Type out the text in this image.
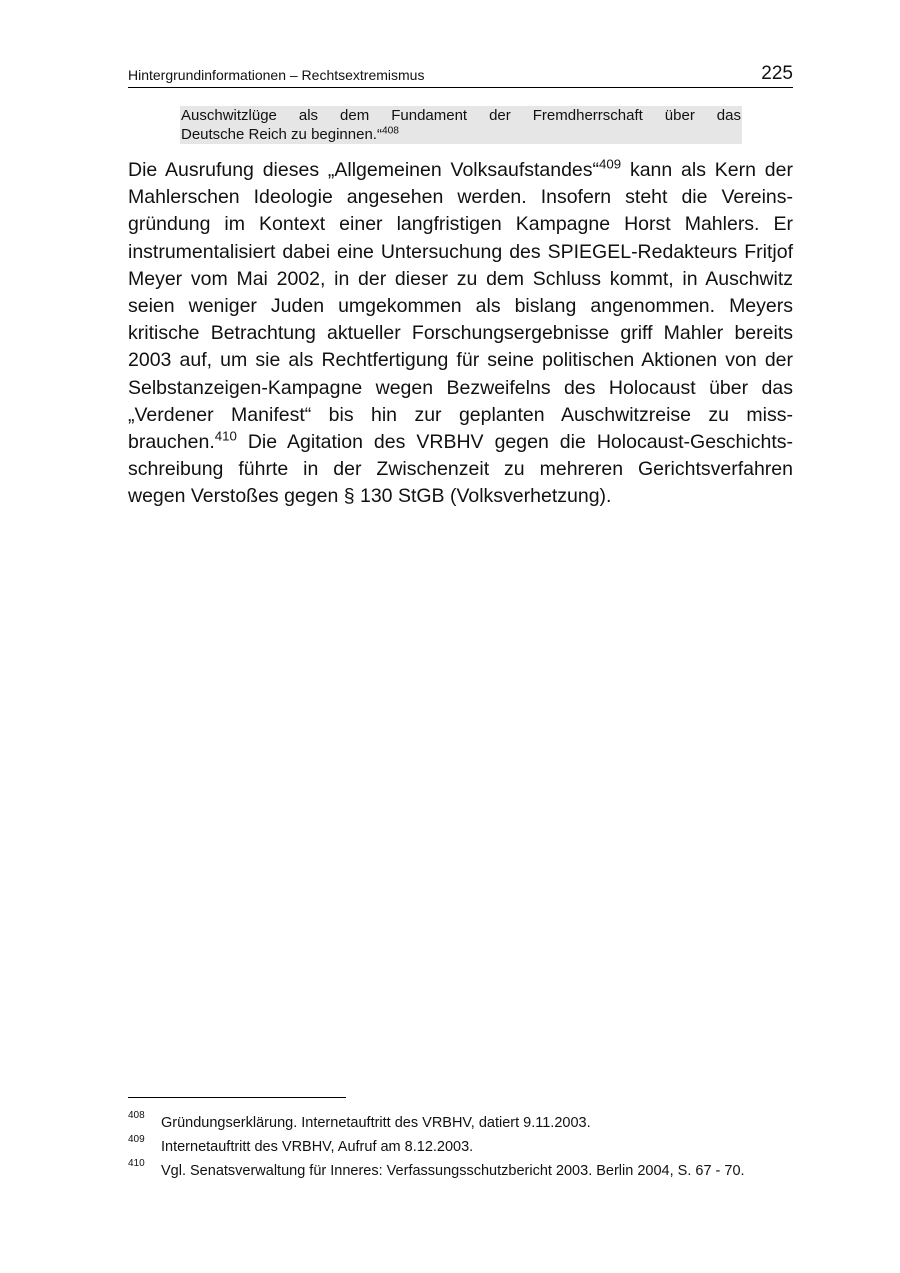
Hintergrundinformationen – Rechtsextremismus	225
Auschwitzlüge als dem Fundament der Fremdherrschaft über das
Deutsche Reich zu beginnen.“$^{408}$
Die Ausrufung dieses „Allgemeinen Volksaufstandes“$^{409}$ kann als Kern der
Mahlerschen Ideologie angesehen werden. Insofern steht die Vereins-
gründung im Kontext einer langfristigen Kampagne Horst Mahlers. Er
instrumentalisiert dabei eine Untersuchung des SPIEGEL-Redakteurs Fritjof
Meyer vom Mai 2002, in der dieser zu dem Schluss kommt, in Auschwitz
seien weniger Juden umgekommen als bislang angenommen. Meyers
kritische Betrachtung aktueller Forschungsergebnisse griff Mahler bereits
2003 auf, um sie als Rechtfertigung für seine politischen Aktionen von der
Selbstanzeigen-Kampagne wegen Bezweifelns des Holocaust über das
„Verdener Manifest“ bis hin zur geplanten Auschwitzreise zu miss-
brauchen.$^{410}$ Die Agitation des VRBHV gegen die Holocaust-Geschichts-
schreibung führte in der Zwischenzeit zu mehreren Gerichtsverfahren
wegen Verstoßes gegen § 130 StGB (Volksverhetzung).
408 Gründungserklärung. Internetauftritt des VRBHV, datiert 9.11.2003.
409 Internetauftritt des VRBHV, Aufruf am 8.12.2003.
410 Vgl. Senatsverwaltung für Inneres: Verfassungsschutzbericht 2003. Berlin 2004, S. 67 - 70.
